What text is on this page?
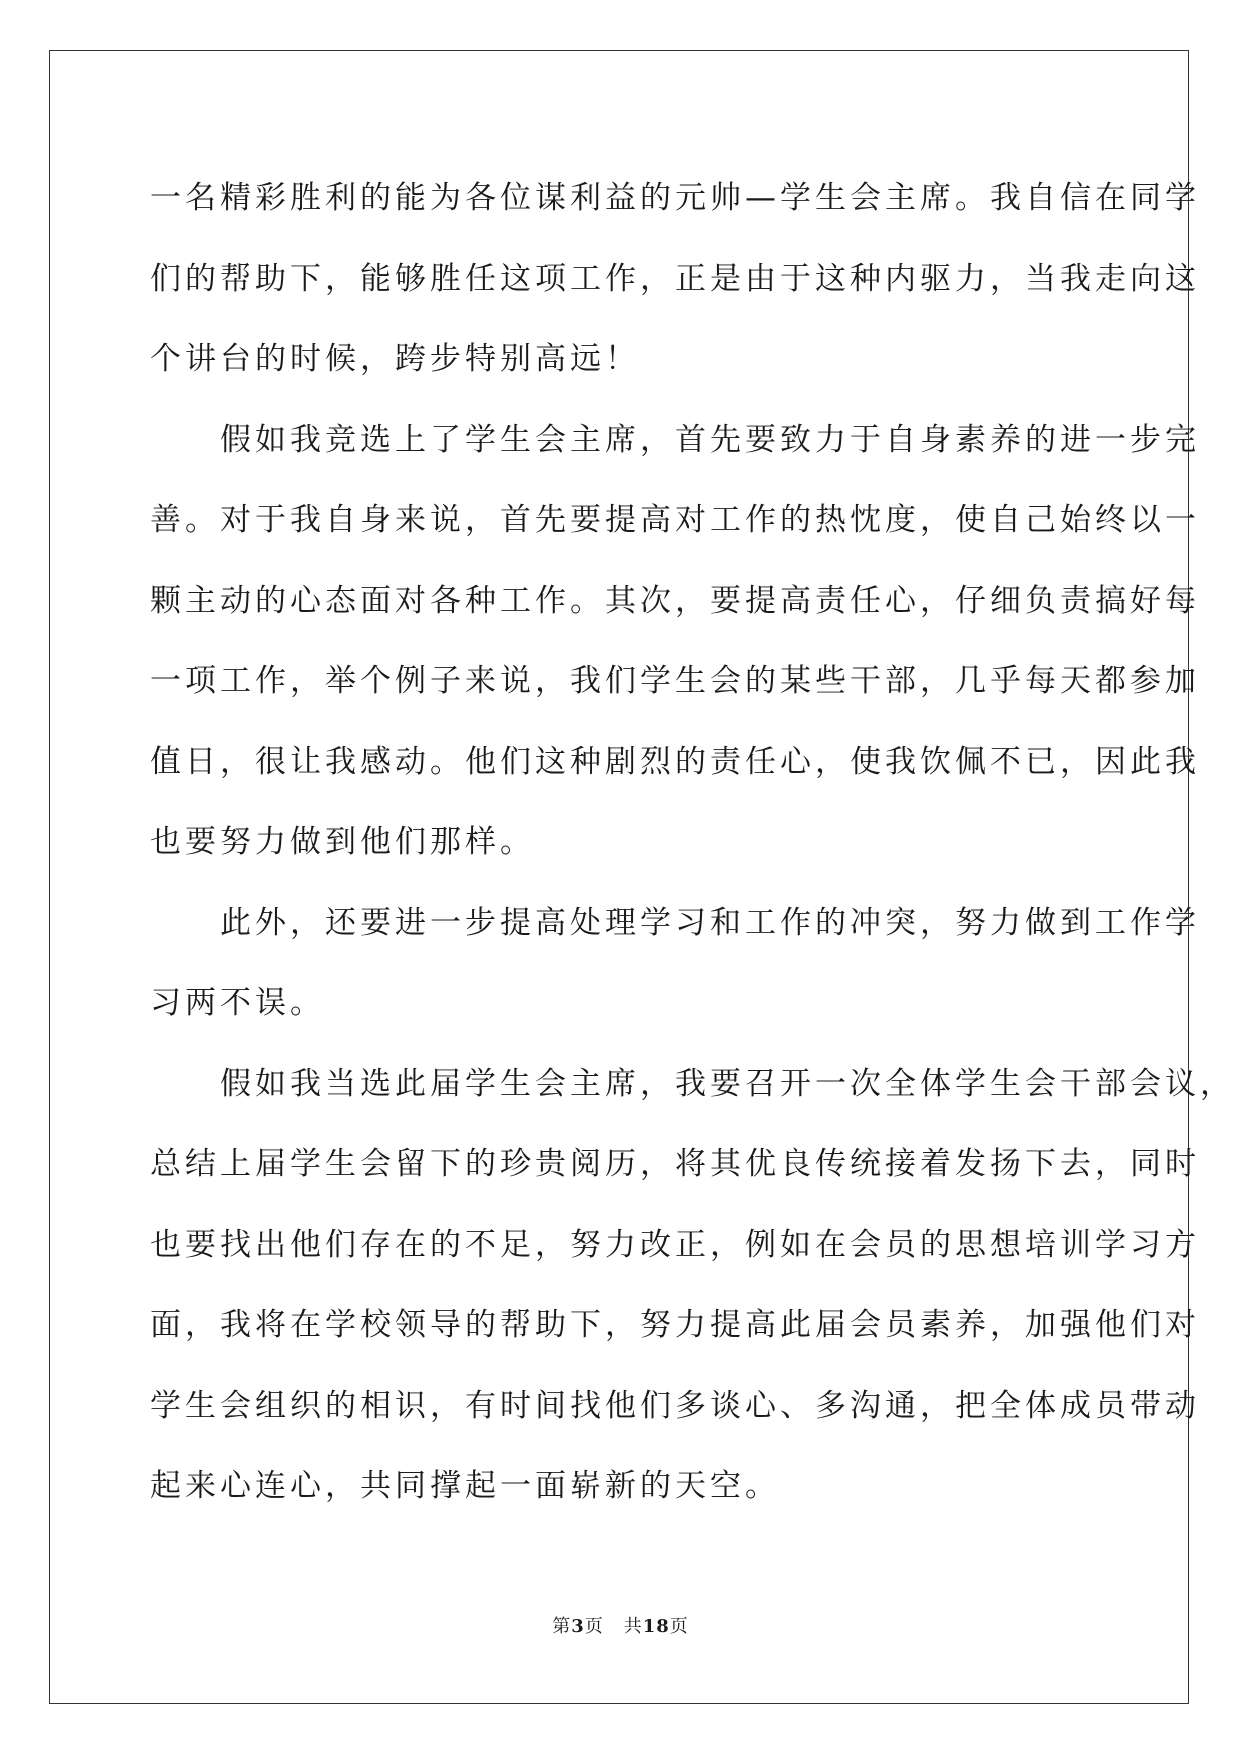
一名精彩胜利的能为各位谋利益的元帅—学生会主席。我自信在同学

们的帮助下，能够胜任这项工作，正是由于这种内驱力，当我走向这

个讲台的时候，跨步特别高远！

　　假如我竞选上了学生会主席，首先要致力于自身素养的进一步完

善。对于我自身来说，首先要提高对工作的热忱度，使自己始终以一

颗主动的心态面对各种工作。其次，要提高责任心，仔细负责搞好每

一项工作，举个例子来说，我们学生会的某些干部，几乎每天都参加

值日，很让我感动。他们这种剧烈的责任心，使我饮佩不已，因此我

也要努力做到他们那样。

　　此外，还要进一步提高处理学习和工作的冲突，努力做到工作学

习两不误。

　　假如我当选此届学生会主席，我要召开一次全体学生会干部会议，

总结上届学生会留下的珍贵阅历，将其优良传统接着发扬下去，同时

也要找出他们存在的不足，努力改正，例如在会员的思想培训学习方

面，我将在学校领导的帮助下，努力提高此届会员素养，加强他们对

学生会组织的相识，有时间找他们多谈心、多沟通，把全体成员带动

起来心连心，共同撑起一面崭新的天空。

第3页 共18页
